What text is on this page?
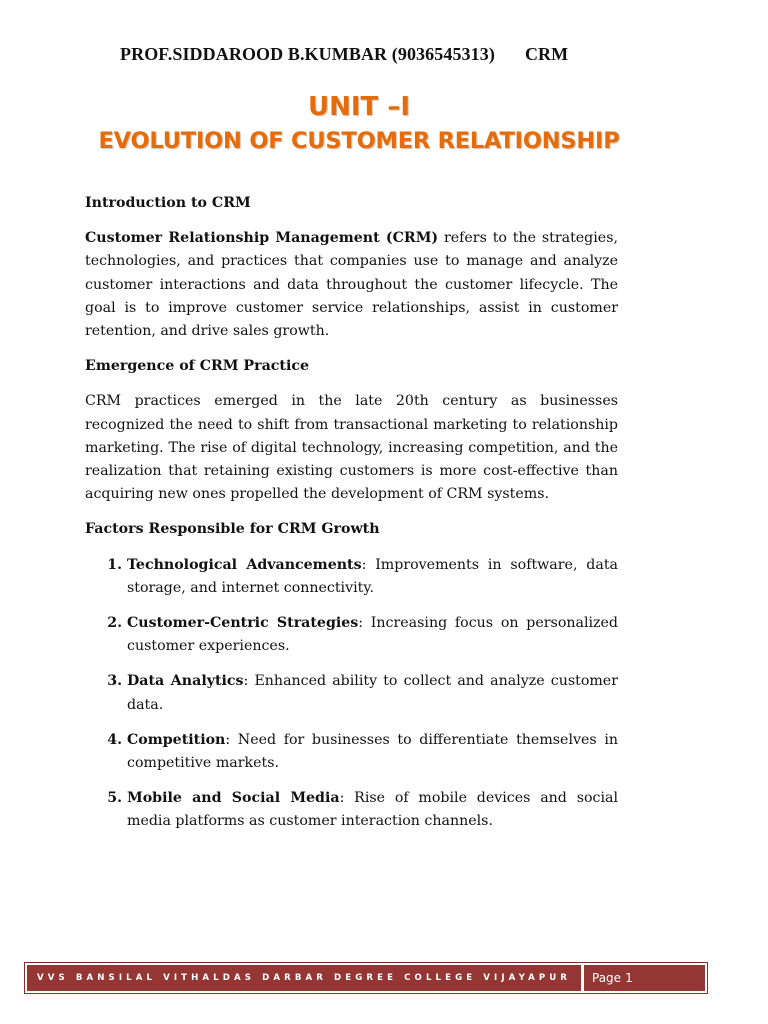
PROF.SIDDAROOD B.KUMBAR (9036545313) CRM
UNIT –I
EVOLUTION OF CUSTOMER RELATIONSHIP

Introduction to CRM

Customer Relationship Management (CRM) refers to the strategies, technologies, and practices that companies use to manage and analyze customer interactions and data throughout the customer lifecycle. The goal is to improve customer service relationships, assist in customer retention, and drive sales growth.

Emergence of CRM Practice

CRM practices emerged in the late 20th century as businesses recognized the need to shift from transactional marketing to relationship marketing. The rise of digital technology, increasing competition, and the realization that retaining existing customers is more cost-effective than acquiring new ones propelled the development of CRM systems.

Factors Responsible for CRM Growth

1. Technological Advancements: Improvements in software, data storage, and internet connectivity.
2. Customer-Centric Strategies: Increasing focus on personalized customer experiences.
3. Data Analytics: Enhanced ability to collect and analyze customer data.
4. Competition: Need for businesses to differentiate themselves in competitive markets.
5. Mobile and Social Media: Rise of mobile devices and social media platforms as customer interaction channels.
VVS BANSILAL VITHALDAS DARBAR DEGREE COLLEGE VIJAYAPUR	Page 1
